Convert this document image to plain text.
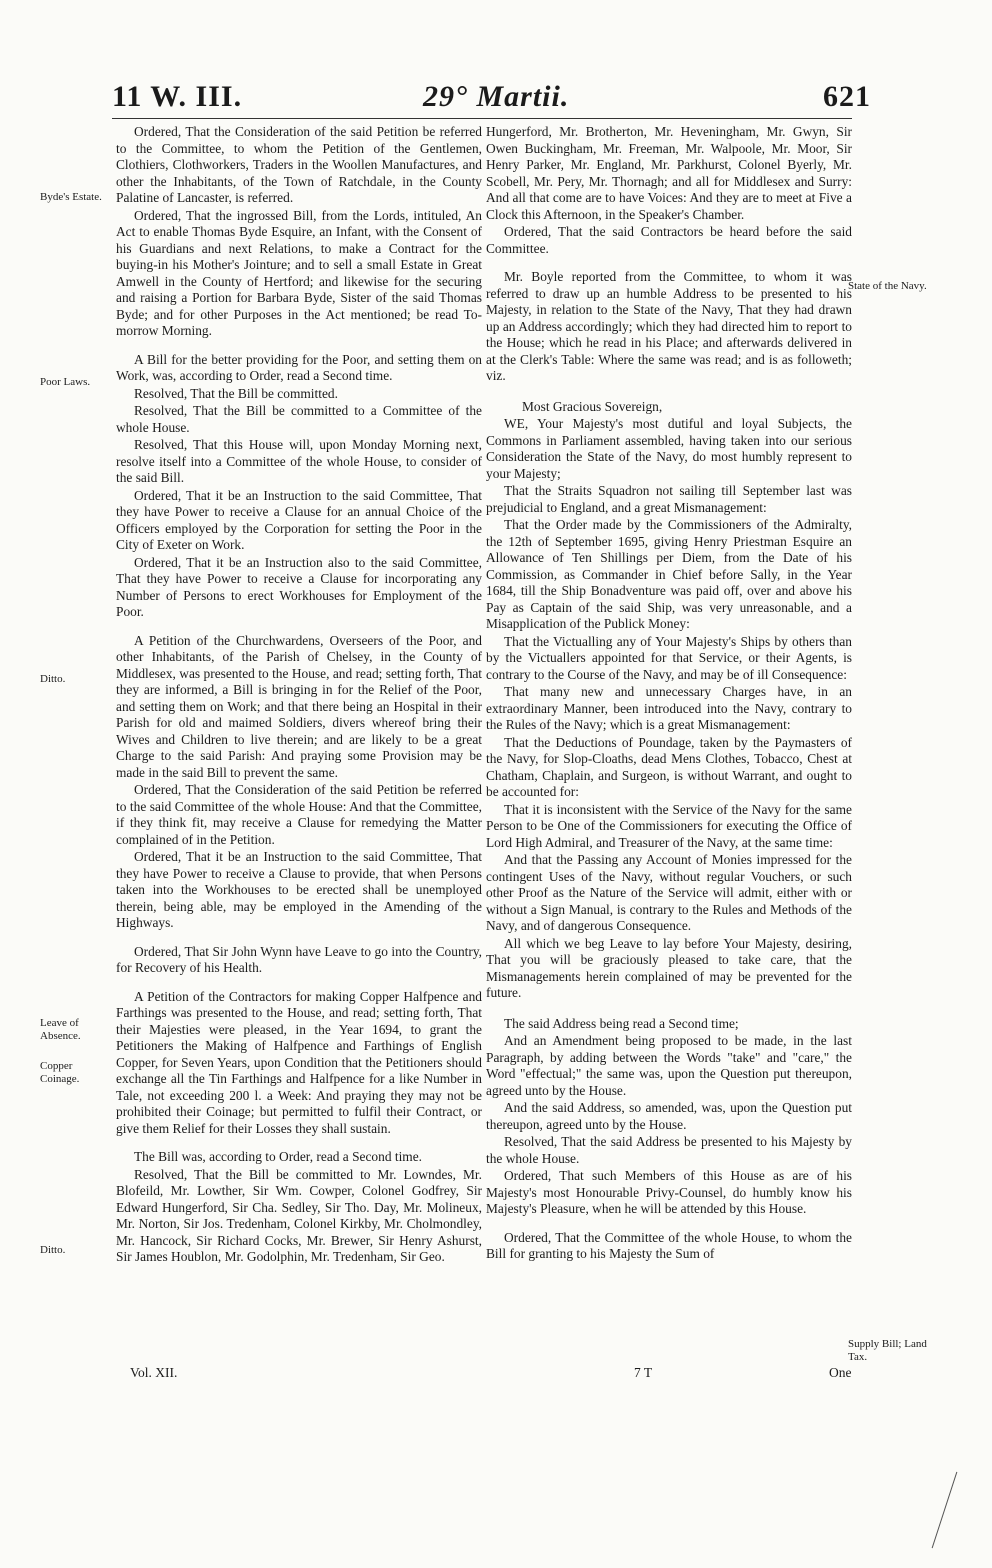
11 W. III.	29° Martii.	621
Byde's Estate.
Poor Laws.
Ditto.
Leave of Absence.
Copper Coinage.
Ditto.
State of the Navy.
Supply Bill; Land Tax.

Ordered, That the Consideration of the said Petition be referred to the Committee, to whom the Petition of the Gentlemen, Clothiers, Clothworkers, Traders in the Woollen Manufactures, and other the Inhabitants, of the Town of Ratchdale, in the County Palatine of Lancaster, is referred.

Ordered, That the ingrossed Bill, from the Lords, intituled, An Act to enable Thomas Byde Esquire, an Infant, with the Consent of his Guardians and next Relations, to make a Contract for the buying-in his Mother's Jointure; and to sell a small Estate in Great Amwell in the County of Hertford; and likewise for the securing and raising a Portion for Barbara Byde, Sister of the said Thomas Byde; and for other Purposes in the Act mentioned; be read To-morrow Morning.

A Bill for the better providing for the Poor, and setting them on Work, was, according to Order, read a Second time.

Resolved, That the Bill be committed.

Resolved, That the Bill be committed to a Committee of the whole House.

Resolved, That this House will, upon Monday Morning next, resolve itself into a Committee of the whole House, to consider of the said Bill.

Ordered, That it be an Instruction to the said Committee, That they have Power to receive a Clause for an annual Choice of the Officers employed by the Corporation for setting the Poor in the City of Exeter on Work.

Ordered, That it be an Instruction also to the said Committee, That they have Power to receive a Clause for incorporating any Number of Persons to erect Workhouses for Employment of the Poor.

A Petition of the Churchwardens, Overseers of the Poor, and other Inhabitants, of the Parish of Chelsey, in the County of Middlesex, was presented to the House, and read; setting forth, That they are informed, a Bill is bringing in for the Relief of the Poor, and setting them on Work; and that there being an Hospital in their Parish for old and maimed Soldiers, divers whereof bring their Wives and Children to live therein; and are likely to be a great Charge to the said Parish: And praying some Provision may be made in the said Bill to prevent the same.

Ordered, That the Consideration of the said Petition be referred to the said Committee of the whole House: And that the Committee, if they think fit, may receive a Clause for remedying the Matter complained of in the Petition.

Ordered, That it be an Instruction to the said Committee, That they have Power to receive a Clause to provide, that when Persons taken into the Workhouses to be erected shall be unemployed therein, being able, may be employed in the Amending of the Highways.

Ordered, That Sir John Wynn have Leave to go into the Country, for Recovery of his Health.

A Petition of the Contractors for making Copper Halfpence and Farthings was presented to the House, and read; setting forth, That their Majesties were pleased, in the Year 1694, to grant the Petitioners the Making of Halfpence and Farthings of English Copper, for Seven Years, upon Condition that the Petitioners should exchange all the Tin Farthings and Halfpence for a like Number in Tale, not exceeding 200 l. a Week: And praying they may not be prohibited their Coinage; but permitted to fulfil their Contract, or give them Relief for their Losses they shall sustain.

The Bill was, according to Order, read a Second time.

Resolved, That the Bill be committed to Mr. Lowndes, Mr. Blofeild, Mr. Lowther, Sir Wm. Cowper, Colonel Godfrey, Sir Edward Hungerford, Sir Cha. Sedley, Sir Tho. Day, Mr. Molineux, Mr. Norton, Sir Jos. Tredenham, Colonel Kirkby, Mr. Cholmondley, Mr. Hancock, Sir Richard Cocks, Mr. Brewer, Sir Henry Ashurst, Sir James Houblon, Mr. Godolphin, Mr. Tredenham, Sir Geo.

Hungerford, Mr. Brotherton, Mr. Heveningham, Mr. Gwyn, Sir Owen Buckingham, Mr. Freeman, Mr. Walpoole, Mr. Moor, Sir Henry Parker, Mr. England, Mr. Parkhurst, Colonel Byerly, Mr. Scobell, Mr. Pery, Mr. Thornagh; and all for Middlesex and Surry: And all that come are to have Voices: And they are to meet at Five a Clock this Afternoon, in the Speaker's Chamber.

Ordered, That the said Contractors be heard before the said Committee.

Mr. Boyle reported from the Committee, to whom it was referred to draw up an humble Address to be presented to his Majesty, in relation to the State of the Navy, That they had drawn up an Address accordingly; which they had directed him to report to the House; which he read in his Place; and afterwards delivered in at the Clerk's Table: Where the same was read; and is as followeth; viz.

Most Gracious Sovereign,

WE, Your Majesty's most dutiful and loyal Subjects, the Commons in Parliament assembled, having taken into our serious Consideration the State of the Navy, do most humbly represent to your Majesty;

That the Straits Squadron not sailing till September last was prejudicial to England, and a great Mismanagement:

That the Order made by the Commissioners of the Admiralty, the 12th of September 1695, giving Henry Priestman Esquire an Allowance of Ten Shillings per Diem, from the Date of his Commission, as Commander in Chief before Sally, in the Year 1684, till the Ship Bonadventure was paid off, over and above his Pay as Captain of the said Ship, was very unreasonable, and a Misapplication of the Publick Money:

That the Victualling any of Your Majesty's Ships by others than by the Victuallers appointed for that Service, or their Agents, is contrary to the Course of the Navy, and may be of ill Consequence:

That many new and unnecessary Charges have, in an extraordinary Manner, been introduced into the Navy, contrary to the Rules of the Navy; which is a great Mismanagement:

That the Deductions of Poundage, taken by the Paymasters of the Navy, for Slop-Cloaths, dead Mens Clothes, Tobacco, Chest at Chatham, Chaplain, and Surgeon, is without Warrant, and ought to be accounted for:

That it is inconsistent with the Service of the Navy for the same Person to be One of the Commissioners for executing the Office of Lord High Admiral, and Treasurer of the Navy, at the same time:

And that the Passing any Account of Monies impressed for the contingent Uses of the Navy, without regular Vouchers, or such other Proof as the Nature of the Service will admit, either with or without a Sign Manual, is contrary to the Rules and Methods of the Navy, and of dangerous Consequence.

All which we beg Leave to lay before Your Majesty, desiring, That you will be graciously pleased to take care, that the Mismanagements herein complained of may be prevented for the future.

The said Address being read a Second time;

And an Amendment being proposed to be made, in the last Paragraph, by adding between the Words "take" and "care," the Word "effectual;" the same was, upon the Question put thereupon, agreed unto by the House.

And the said Address, so amended, was, upon the Question put thereupon, agreed unto by the House.

Resolved, That the said Address be presented to his Majesty by the whole House.

Ordered, That such Members of this House as are of his Majesty's most Honourable Privy-Counsel, do humbly know his Majesty's Pleasure, when he will be attended by this House.

Ordered, That the Committee of the whole House, to whom the Bill for granting to his Majesty the Sum of

Vol. XII.	7 T	One
